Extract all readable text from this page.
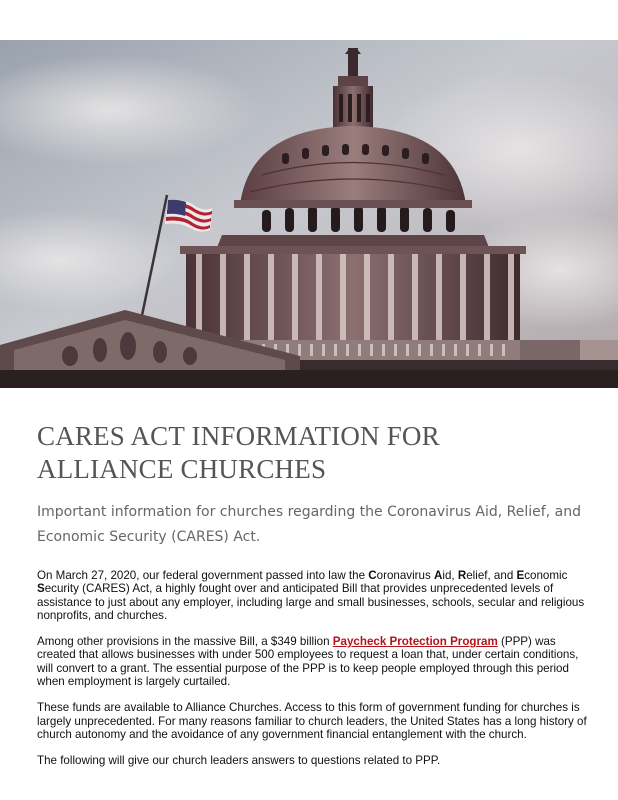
CARES ACT INFORMATION FOR
ALLIANCE CHURCHES
Important information for churches regarding the Coronavirus Aid, Relief, and Economic Security (CARES) Act.

On March 27, 2020, our federal government passed into law the Coronavirus Aid, Relief, and Economic Security (CARES) Act, a highly fought over and anticipated Bill that provides unprecedented levels of assistance to just about any employer, including large and small businesses, schools, secular and religious nonprofits, and churches.

Among other provisions in the massive Bill, a $349 billion Paycheck Protection Program (PPP) was created that allows businesses with under 500 employees to request a loan that, under certain conditions, will convert to a grant. The essential purpose of the PPP is to keep people employed through this period when employment is largely curtailed.

These funds are available to Alliance Churches. Access to this form of government funding for churches is largely unprecedented. For many reasons familiar to church leaders, the United States has a long history of church autonomy and the avoidance of any government financial entanglement with the church.

The following will give our church leaders answers to questions related to PPP.
